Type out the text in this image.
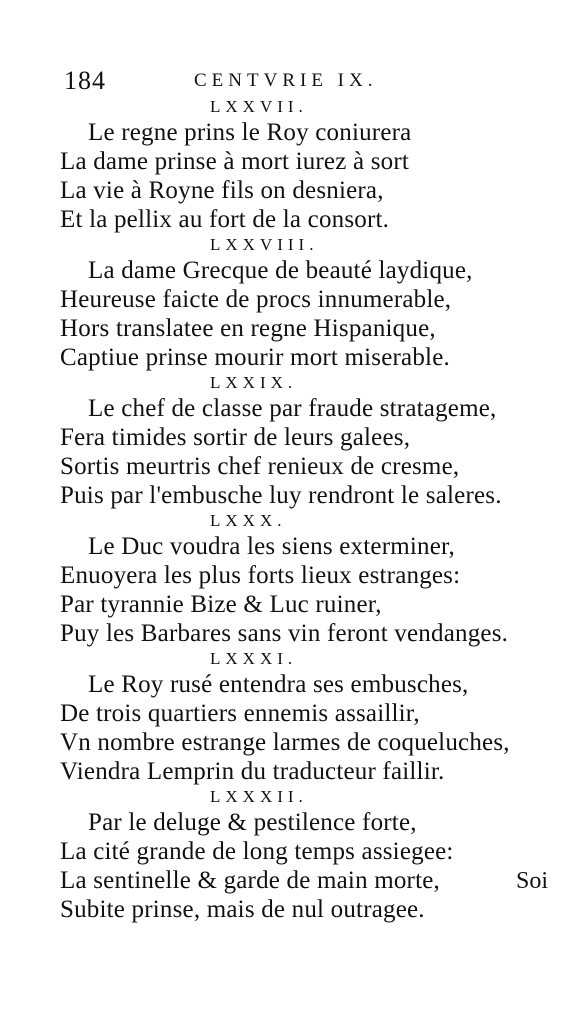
184	CENTVRIE IX.
LXXVII.
Le regne prins le Roy coniurera
La dame prinse à mort iurez à sort
La vie à Royne fils on desniera,
Et la pellix au fort de la consort.
LXXVIII.
La dame Grecque de beauté laydique,
Heureuse faicte de procs innumerable,
Hors translatee en regne Hispanique,
Captiue prinse mourir mort miserable.
LXXIX.
Le chef de classe par fraude stratageme,
Fera timides sortir de leurs galees,
Sortis meurtris chef renieux de cresme,
Puis par l'embusche luy rendront le saleres.
LXXX.
Le Duc voudra les siens exterminer,
Enuoyera les plus forts lieux estranges:
Par tyrannie Bize & Luc ruiner,
Puy les Barbares sans vin feront vendanges.
LXXXI.
Le Roy rusé entendra ses embusches,
De trois quartiers ennemis assaillir,
Vn nombre estrange larmes de coqueluches,
Viendra Lemprin du traducteur faillir.
LXXXII.
Par le deluge & pestilence forte,
La cité grande de long temps assiegee:
La sentinelle & garde de main morte,
Subite prinse, mais de nul outragee.
Soi
